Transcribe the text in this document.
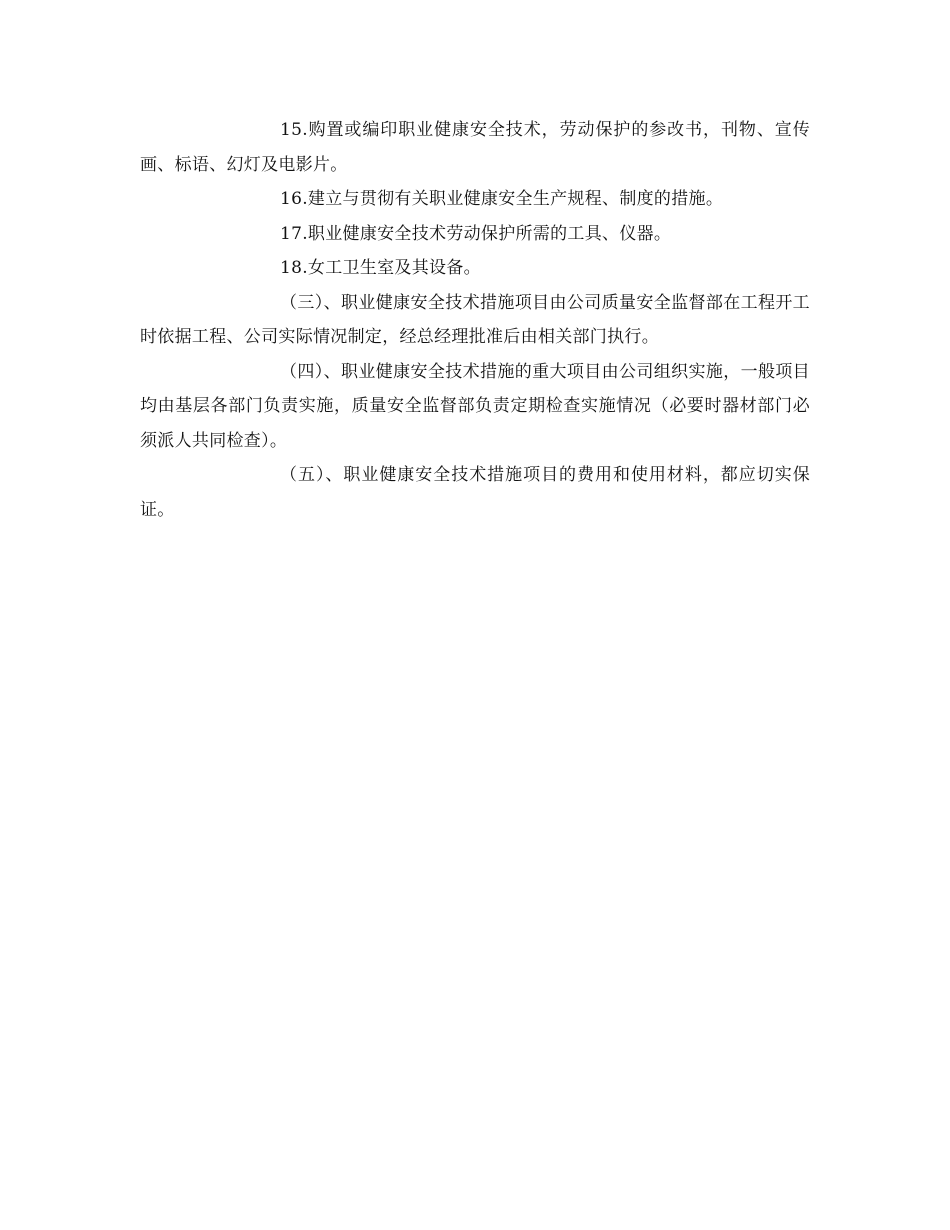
15.购置或编印职业健康安全技术，劳动保护的参改书，刊物、宣传画、标语、幻灯及电影片。

16.建立与贯彻有关职业健康安全生产规程、制度的措施。

17.职业健康安全技术劳动保护所需的工具、仪器。

18.女工卫生室及其设备。

（三）、职业健康安全技术措施项目由公司质量安全监督部在工程开工时依据工程、公司实际情况制定，经总经理批准后由相关部门执行。

（四）、职业健康安全技术措施的重大项目由公司组织实施，一般项目均由基层各部门负责实施，质量安全监督部负责定期检查实施情况（必要时器材部门必须派人共同检查）。

（五）、职业健康安全技术措施项目的费用和使用材料，都应切实保证。
